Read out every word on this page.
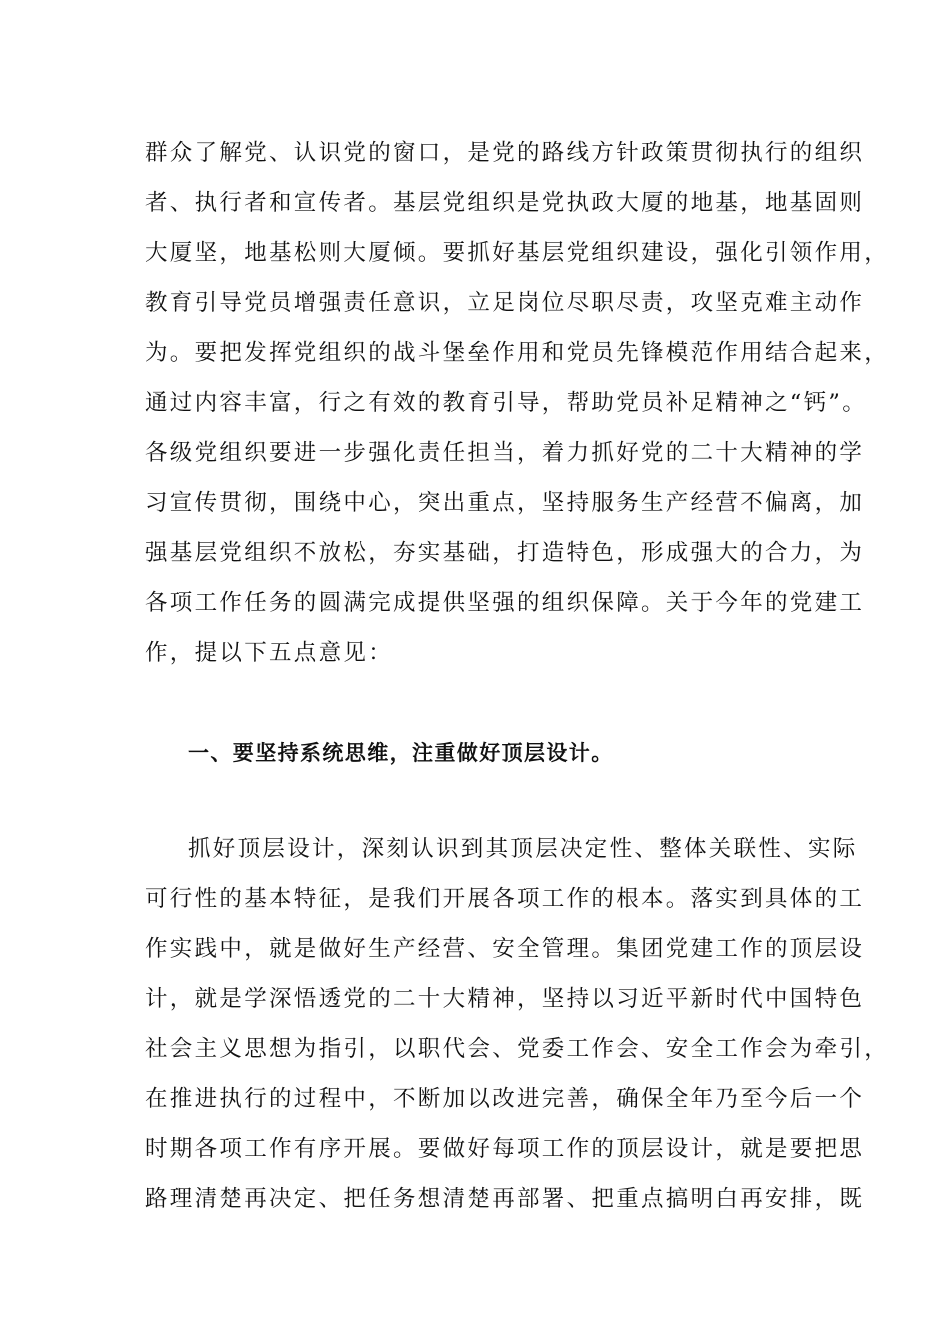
群众了解党、认识党的窗口，是党的路线方针政策贯彻执行的组织
者、执行者和宣传者。基层党组织是党执政大厦的地基，地基固则
大厦坚，地基松则大厦倾。要抓好基层党组织建设，强化引领作用，
教育引导党员增强责任意识，立足岗位尽职尽责，攻坚克难主动作
为。要把发挥党组织的战斗堡垒作用和党员先锋模范作用结合起来，
通过内容丰富，行之有效的教育引导，帮助党员补足精神之“钙”。
各级党组织要进一步强化责任担当，着力抓好党的二十大精神的学
习宣传贯彻，围绕中心，突出重点，坚持服务生产经营不偏离，加
强基层党组织不放松，夯实基础，打造特色，形成强大的合力，为
各项工作任务的圆满完成提供坚强的组织保障。关于今年的党建工
作，提以下五点意见：
一、要坚持系统思维，注重做好顶层设计。
抓好顶层设计，深刻认识到其顶层决定性、整体关联性、实际
可行性的基本特征，是我们开展各项工作的根本。落实到具体的工
作实践中，就是做好生产经营、安全管理。集团党建工作的顶层设
计，就是学深悟透党的二十大精神，坚持以习近平新时代中国特色
社会主义思想为指引，以职代会、党委工作会、安全工作会为牵引，
在推进执行的过程中，不断加以改进完善，确保全年乃至今后一个
时期各项工作有序开展。要做好每项工作的顶层设计，就是要把思
路理清楚再决定、把任务想清楚再部署、把重点搞明白再安排，既
